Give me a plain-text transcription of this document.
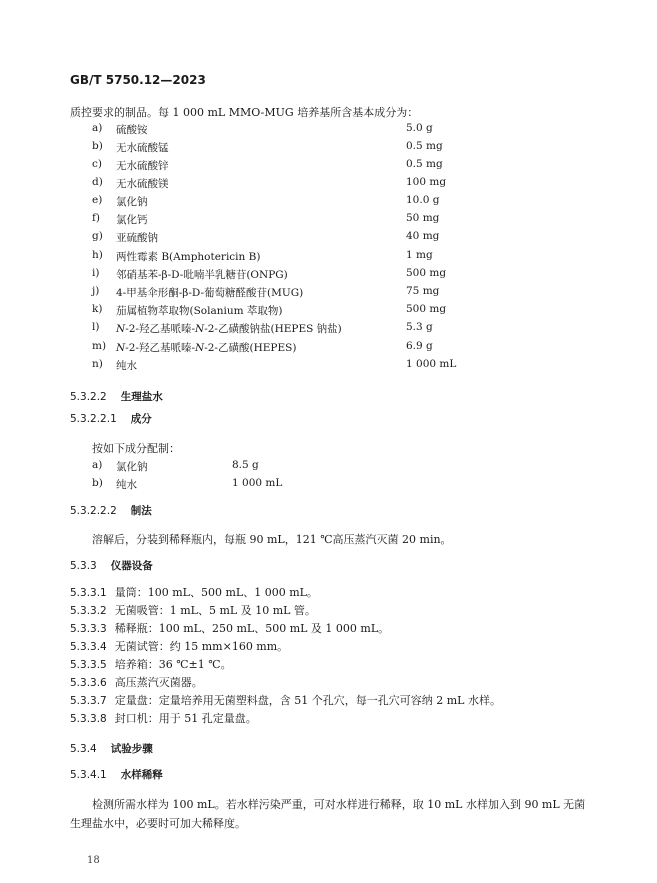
GB/T 5750.12—2023
质控要求的制品。每 1 000 mL MMO-MUG 培养基所含基本成分为：
a) 硫酸铵	5.0 g
b) 无水硫酸锰	0.5 mg
c) 无水硫酸锌	0.5 mg
d) 无水硫酸镁	100 mg
e) 氯化钠	10.0 g
f) 氯化钙	50 mg
g) 亚硫酸钠	40 mg
h) 两性霉素 B(Amphotericin B)	1 mg
i) 邻硝基苯-β-D-吡喃半乳糖苷(ONPG)	500 mg
j) 4-甲基伞形酮-β-D-葡萄糖醛酸苷(MUG)	75 mg
k) 茄属植物萃取物(Solanium 萃取物)	500 mg
l) N-2-羟乙基哌嗪-N-2-乙磺酸钠盐(HEPES 钠盐)	5.3 g
m) N-2-羟乙基哌嗪-N-2-乙磺酸(HEPES)	6.9 g
n) 纯水	1 000 mL
5.3.2.2 生理盐水
5.3.2.2.1 成分
按如下成分配制：
a) 氯化钠	8.5 g
b) 纯水	1 000 mL
5.3.2.2.2 制法
溶解后，分装到稀释瓶内，每瓶 90 mL，121 ℃高压蒸汽灭菌 20 min。
5.3.3 仪器设备
5.3.3.1 量筒：100 mL、500 mL、1 000 mL。
5.3.3.2 无菌吸管：1 mL、5 mL 及 10 mL 管。
5.3.3.3 稀释瓶：100 mL、250 mL、500 mL 及 1 000 mL。
5.3.3.4 无菌试管：约 15 mm×160 mm。
5.3.3.5 培养箱：36 ℃±1 ℃。
5.3.3.6 高压蒸汽灭菌器。
5.3.3.7 定量盘：定量培养用无菌塑料盘，含 51 个孔穴，每一孔穴可容纳 2 mL 水样。
5.3.3.8 封口机：用于 51 孔定量盘。
5.3.4 试验步骤
5.3.4.1 水样稀释
检测所需水样为 100 mL。若水样污染严重，可对水样进行稀释，取 10 mL 水样加入到 90 mL 无菌
生理盐水中，必要时可加大稀释度。
18
